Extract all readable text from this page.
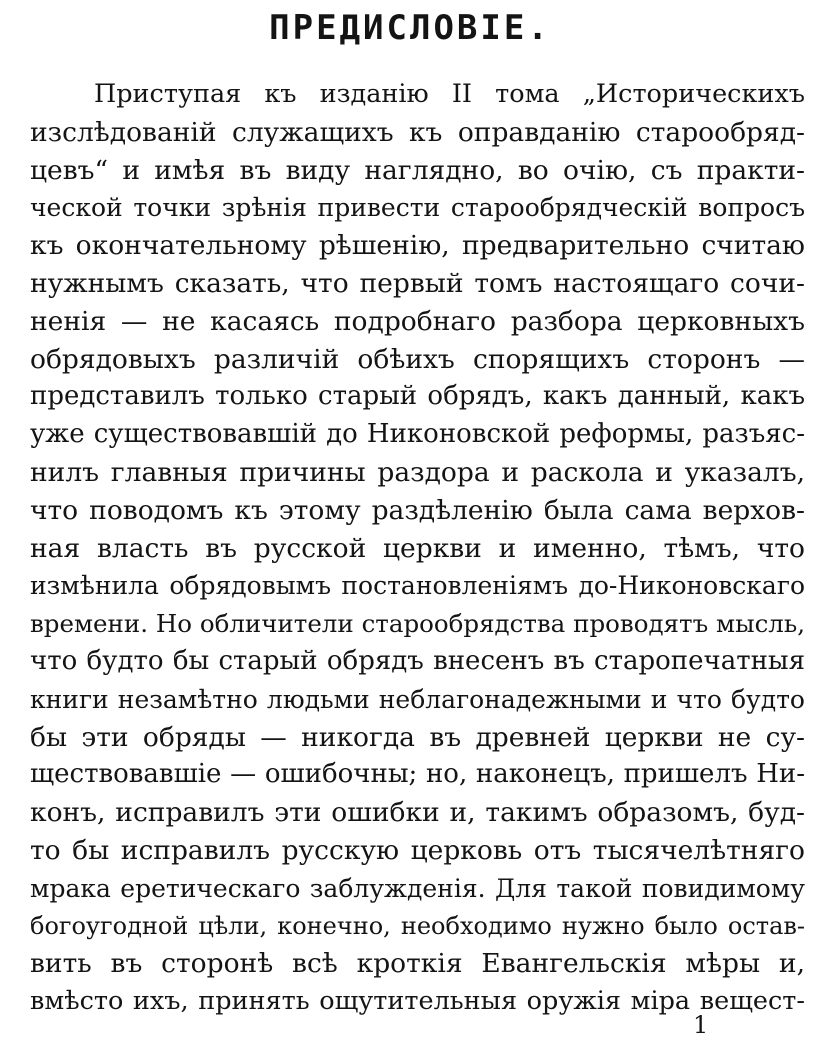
ПРЕДИСЛОВІЕ.
Приступая къ изданію II тома „Историческихъ
изслѣдованій служащихъ къ оправданію старообряд-
цевъ“ и имѣя въ виду наглядно, во очію, съ практи-
ческой точки зрѣнія привести старообрядческій вопросъ
къ окончательному рѣшенію, предварительно считаю
нужнымъ сказать, что первый томъ настоящаго сочи-
ненія — не касаясь подробнаго разбора церковныхъ
обрядовыхъ различій обѣихъ спорящихъ сторонъ —
представилъ только старый обрядъ, какъ данный, какъ
уже существовавшій до Никоновской реформы, разъяс-
нилъ главныя причины раздора и раскола и указалъ,
что поводомъ къ этому раздѣленію была сама верхов-
ная власть въ русской церкви и именно, тѣмъ, что
измѣнила обрядовымъ постановленіямъ до-Никоновскаго
времени. Но обличители старообрядства проводятъ мысль,
что будто бы старый обрядъ внесенъ въ старопечатныя
книги незамѣтно людьми неблагонадежными и что будто
бы эти обряды — никогда въ древней церкви не су-
ществовавшіе — ошибочны; но, наконецъ, пришелъ Ни-
конъ, исправилъ эти ошибки и, такимъ образомъ, буд-
то бы исправилъ русскую церковь отъ тысячелѣтняго
мрака еретическаго заблужденія. Для такой повидимому
богоугодной цѣли, конечно, необходимо нужно было остав-
вить въ сторонѣ всѣ кроткія Евангельскія мѣры и,
вмѣсто ихъ, принять ощутительныя оружія міра вещест-
1
